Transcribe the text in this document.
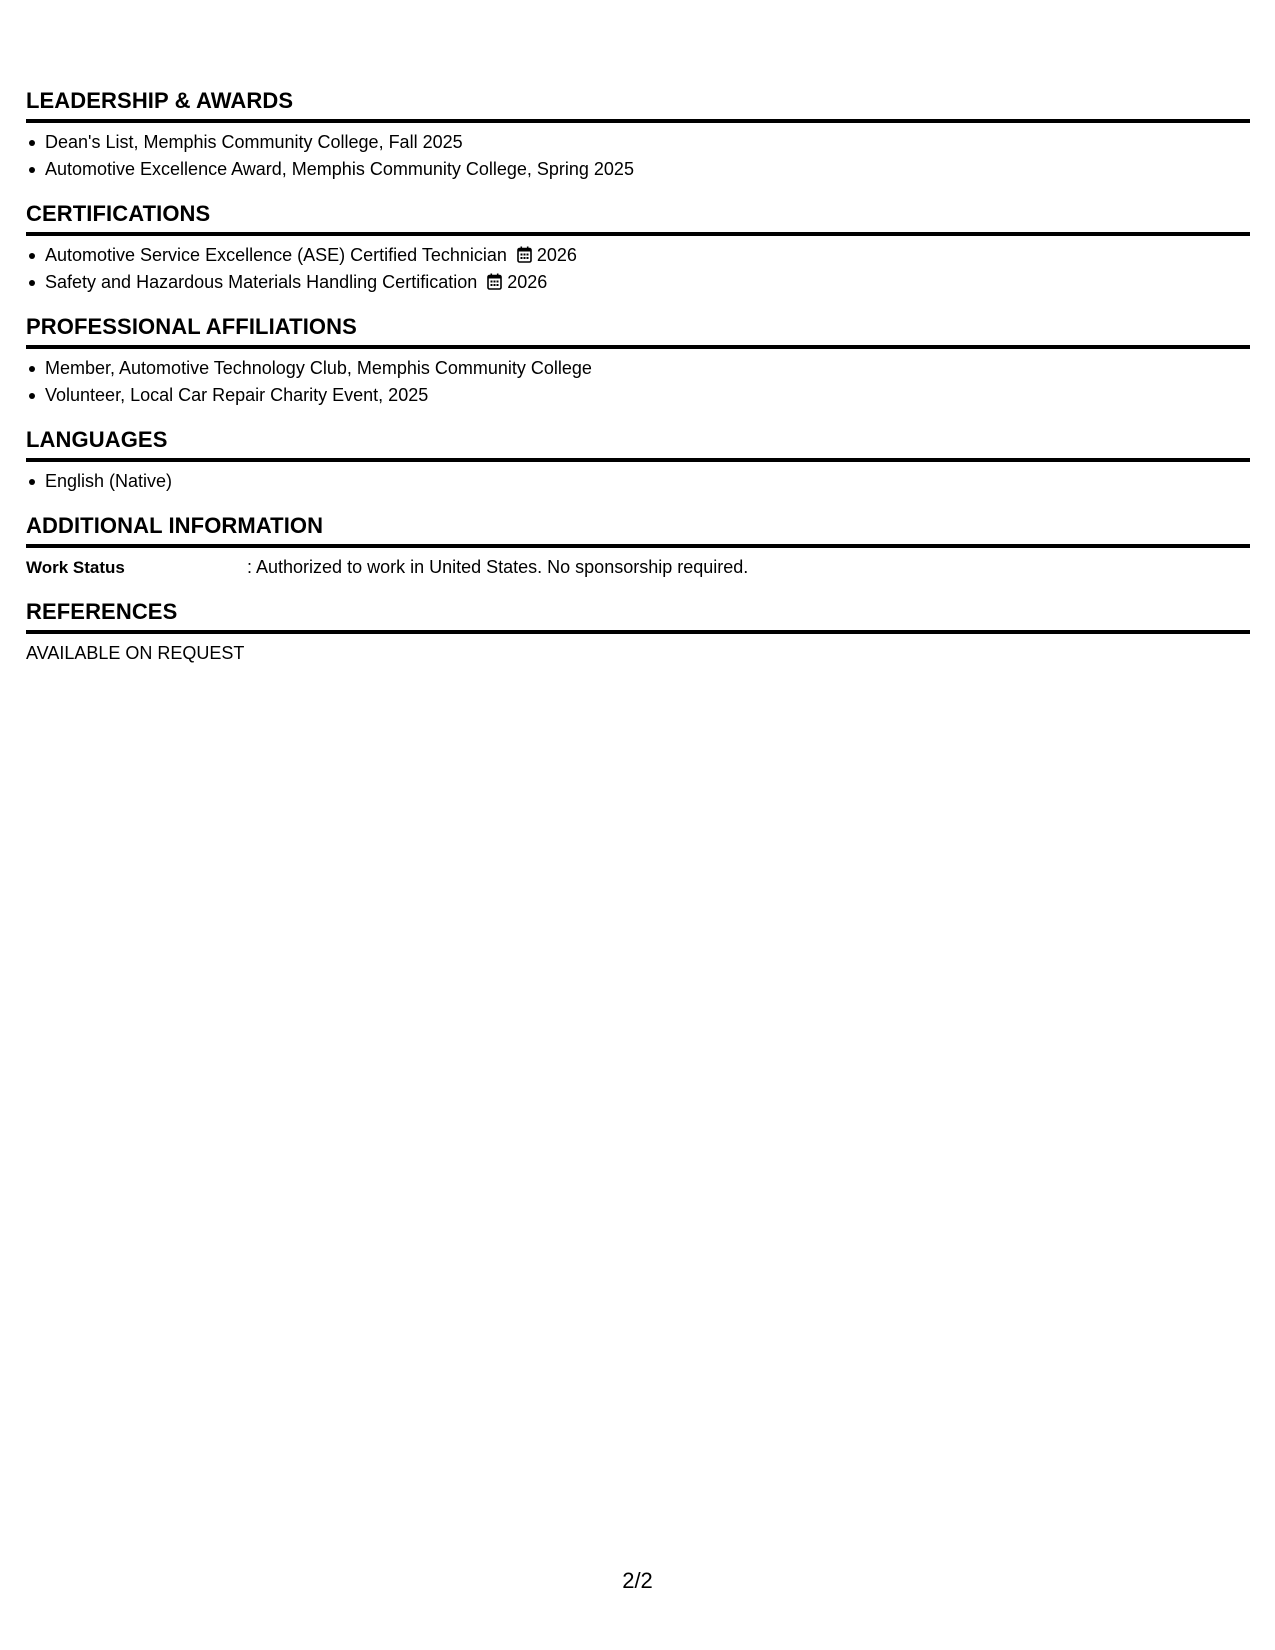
LEADERSHIP & AWARDS
Dean's List, Memphis Community College, Fall 2025
Automotive Excellence Award, Memphis Community College, Spring 2025
CERTIFICATIONS
Automotive Service Excellence (ASE) Certified Technician 2026
Safety and Hazardous Materials Handling Certification 2026
PROFESSIONAL AFFILIATIONS
Member, Automotive Technology Club, Memphis Community College
Volunteer, Local Car Repair Charity Event, 2025
LANGUAGES
English (Native)
ADDITIONAL INFORMATION
Work Status	: Authorized to work in United States. No sponsorship required.
REFERENCES
AVAILABLE ON REQUEST
2/2
